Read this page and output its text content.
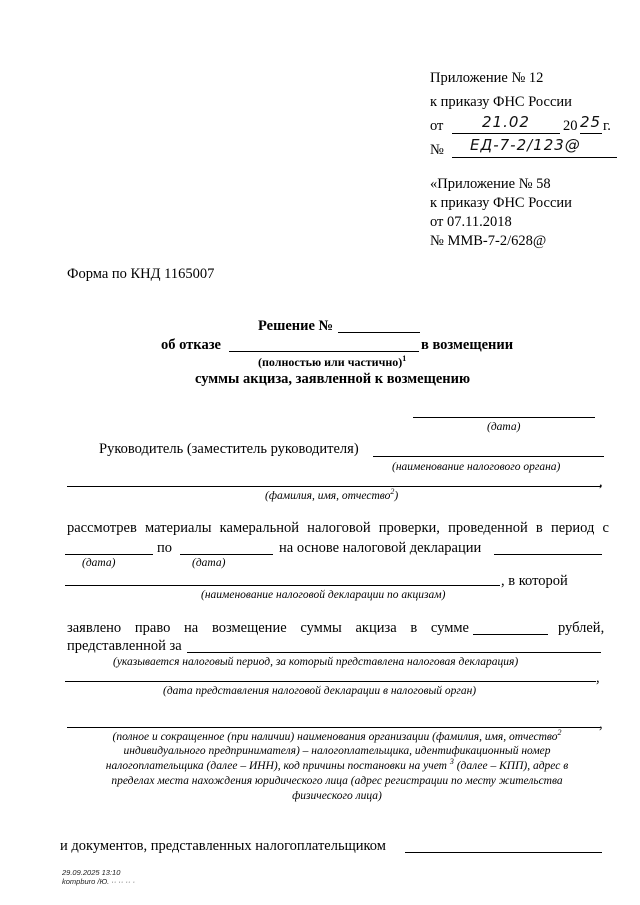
Приложение № 12
к приказу ФНС России
от	21.02 20 25 г.
№ ЕД-7-2/123@
«Приложение № 58
к приказу ФНС России
от 07.11.2018
№ ММВ-7-2/628@
Форма по КНД 1165007
Решение №
об отказе	в возмещении
(полностью или частично)$^1$
суммы акциза, заявленной к возмещению
(дата)
Руководитель (заместитель руководителя)
(наименование налогового органа)
,
(фамилия, имя, отчество$^2$)
рассмотрев материалы камеральной налоговой проверки, проведенной в период с
по	на основе налоговой декларации
(дата)	(дата)
, в которой
(наименование налоговой декларации по акцизам)
заявлено право на возмещение суммы акциза в сумме	рублей,
представленной за
(указывается налоговый период, за который представлена налоговая декларация)
,
(дата представления налоговой декларации в налоговый орган)
,
(полное и сокращенное (при наличии) наименования организации (фамилия, имя, отчество$^2$
индивидуального предпринимателя) – налогоплательщика, идентификационный номер
налогоплательщика (далее – ИНН), код причины постановки на учет $^3$ (далее – КПП), адрес в
пределах места нахождения юридического лица (адрес регистрации по месту жительства
физического лица)
и документов, представленных налогоплательщиком
29.09.2025 13:10
kompburo /Ю. ·· ·· ·· ·
